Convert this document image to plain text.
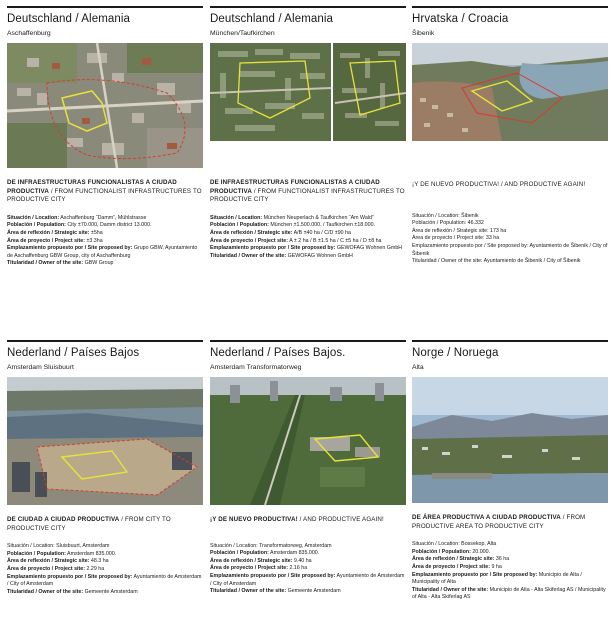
Deutschland / Alemania
Aschaffenburg
DE INFRAESTRUCTURAS FUNCIONALISTAS A CIUDAD PRODUCTIVA / FROM FUNCTIONALIST INFRASTRUCTURES TO PRODUCTIVE CITY
Situación / Location: Aschaffenburg “Damm”, Mühlstrasse
Población / Population: City ±70.000, Damm district 13.000.
Área de reflexión / Strategic site: ±5ha
Área de proyecto / Project site: ±3.3ha
Emplazamiento propuesto por / Site proposed by: Grupo GBW, Ayuntamiento de Aschaffenburg GBW Group, city of Aschaffenburg
Titularidad / Owner of the site: GBW Group
Deutschland / Alemania
München/Taufkirchen
DE INFRAESTRUCTURAS FUNCIONALISTAS A CIUDAD PRODUCTIVA / FROM FUNCTIONALIST INFRASTRUCTURES TO PRODUCTIVE CITY
Situación / Location: München Neuperlach & Taufkirchen “Am Wald”
Población / Population: München ±1.500.000. / Taufkirchen ±18.000.
Área de reflexión / Strategic site: A/B ±40 ha / C/D ±90 ha
Área de proyecto / Project site: A ± 2 ha / B ±1.5 ha / C ±5 ha / D ±8 ha
Emplazamiento propuesto por / Site proposed by: GEWOFAG Wohnen GmbH
Titularidad / Owner of the site: GEWOFAG Wohnen GmbH
Hrvatska / Croacia
Šibenik
¡Y DE NUEVO PRODUCTIVA! / AND PRODUCTIVE AGAIN!
Situación / Location: Šibenik
Población / Population: 46.332
Área de reflexión / Strategic site: 173 ha
Área de proyecto / Project site: 33 ha
Emplazamiento propuesto por / Site proposed by: Ayuntamiento de Šibenik / City of Šibenik
Titularidad / Owner of the site: Ayuntamiento de Šibenik / City of Šibenik
Nederland / Países Bajos
Amsterdam Sluisbuurt
DE CIUDAD A CIUDAD PRODUCTIVA / FROM CITY TO PRODUCTIVE CITY
Situación / Location: Sluisbuurt, Amsterdam
Población / Population: Amsterdam 835.000.
Área de reflexión / Strategic site: 48.3 ha
Área de proyecto / Project site: 2.29 ha
Emplazamiento propuesto por / Site proposed by: Ayuntamiento de Amsterdam / City of Amsterdam
Titularidad / Owner of the site: Gemeente Amsterdam
Nederland / Países Bajos.
Amsterdam Transformatorweg
¡Y DE NUEVO PRODUCTIVA! / AND PRODUCTIVE AGAIN!
Situación / Location: Transformatorweg, Amsterdam
Población / Population: Amsterdam 835.000.
Área de reflexión / Strategic site: 9.40 ha
Área de proyecto / Project site: 2.16 ha
Emplazamiento propuesto por / Site proposed by: Ayuntamiento de Amsterdam / City of Amsterdam
Titularidad / Owner of the site: Gemeente Amsterdam
Norge / Noruega
Alta
DE ÁREA PRODUCTIVA A CIUDAD PRODUCTIVA / FROM PRODUCTIVE AREA TO PRODUCTIVE CITY
Situación / Location: Bossekop, Alta
Población / Population: 20.000.
Área de reflexión / Strategic site: 36 ha
Área de proyecto / Project site: 9 ha
Emplazamiento propuesto por / Site proposed by: Municipio de Alta / Municipality of Alta
Titularidad / Owner of the site: Municipio de Alta - Alta Skiferlag AS / Municipality of Alta - Alta Skiferlag AS
